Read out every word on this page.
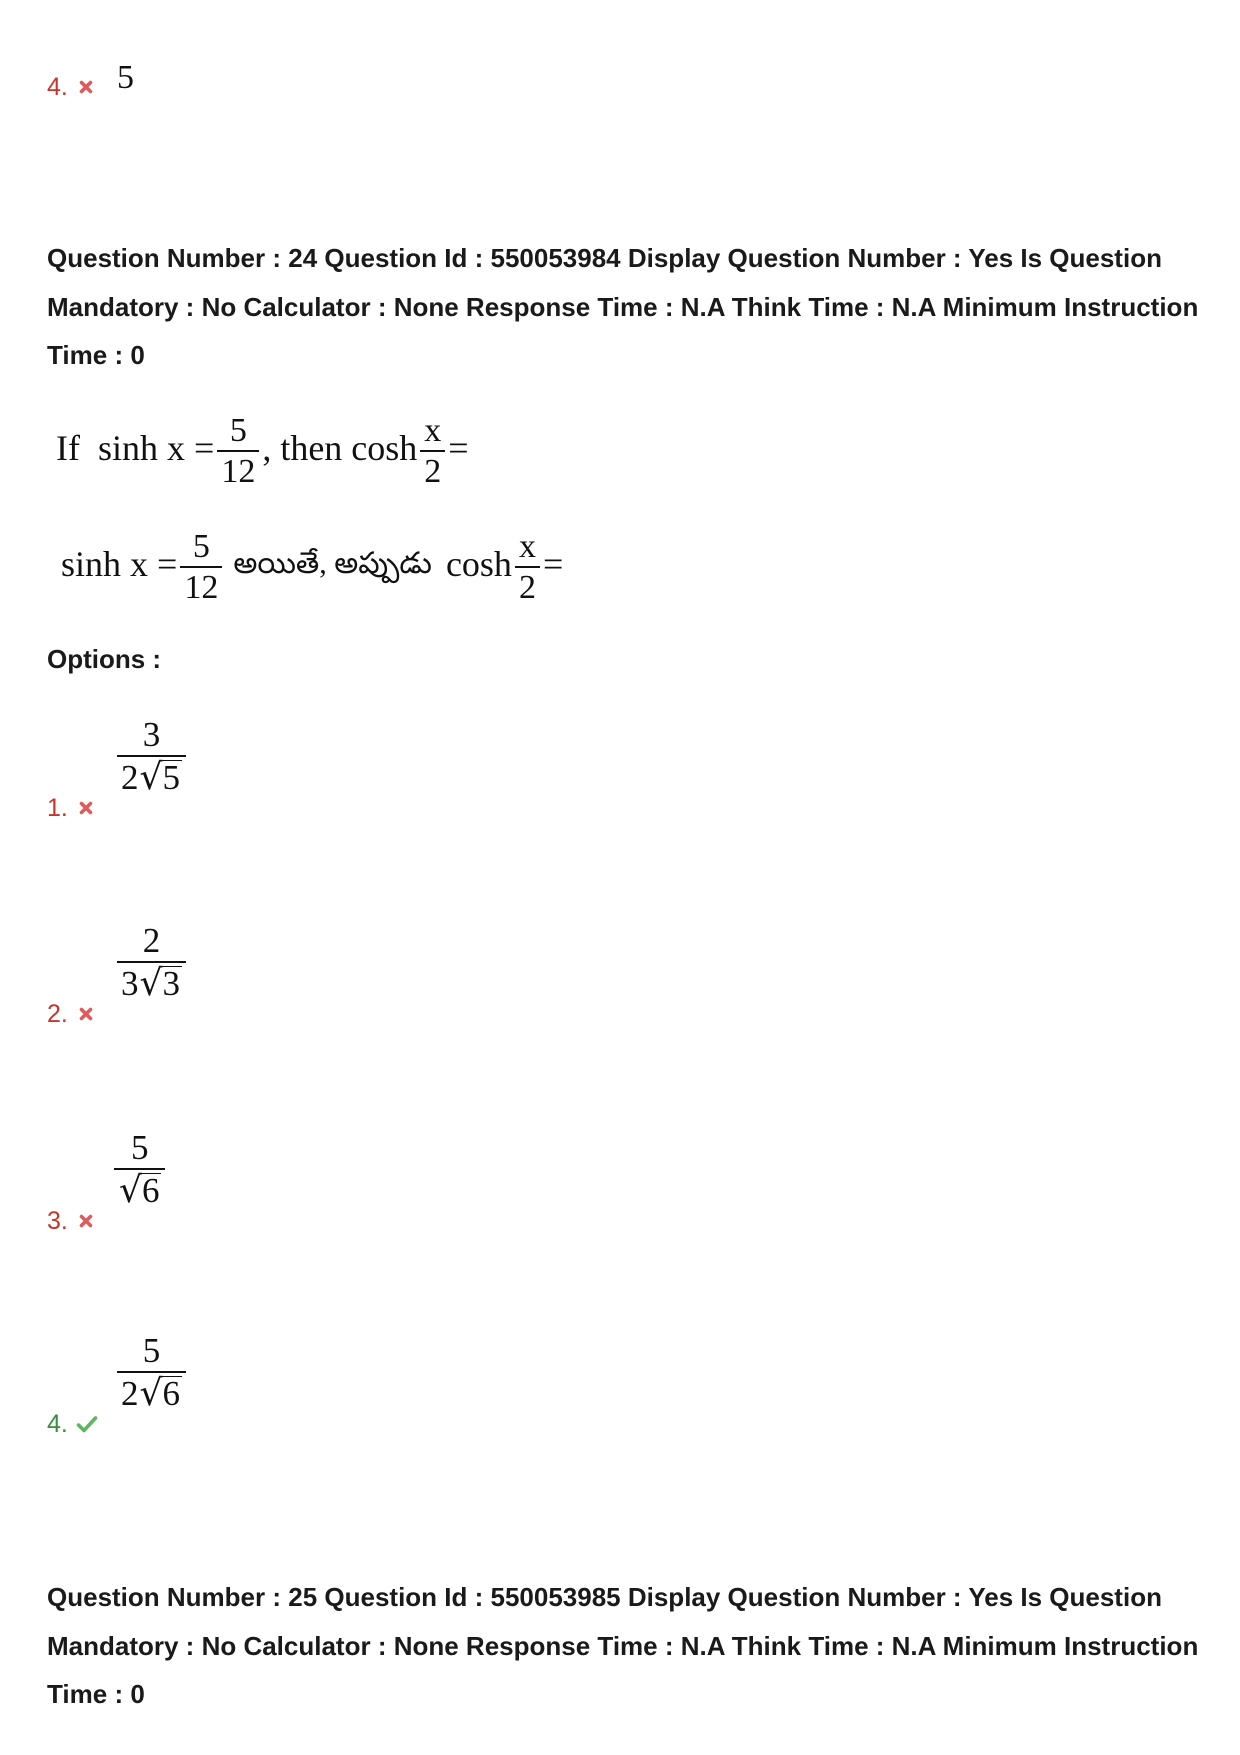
4. 5
Question Number : 24 Question Id : 550053984 Display Question Number : Yes Is Question
Mandatory : No Calculator : None Response Time : N.A Think Time : N.A Minimum Instruction
Time : 0
If $\sinh x = \frac{5}{12}$ , then $\cosh \frac{x}{2}$ =
$\sinh x = \frac{5}{12}$ అయితే, అప్పుడు $\cosh \frac{x}{2}$ =
Options :
1.
3
2√5
2.
2
3√3
3.
5
√6
4.
5
2√6
Question Number : 25 Question Id : 550053985 Display Question Number : Yes Is Question
Mandatory : No Calculator : None Response Time : N.A Think Time : N.A Minimum Instruction
Time : 0
